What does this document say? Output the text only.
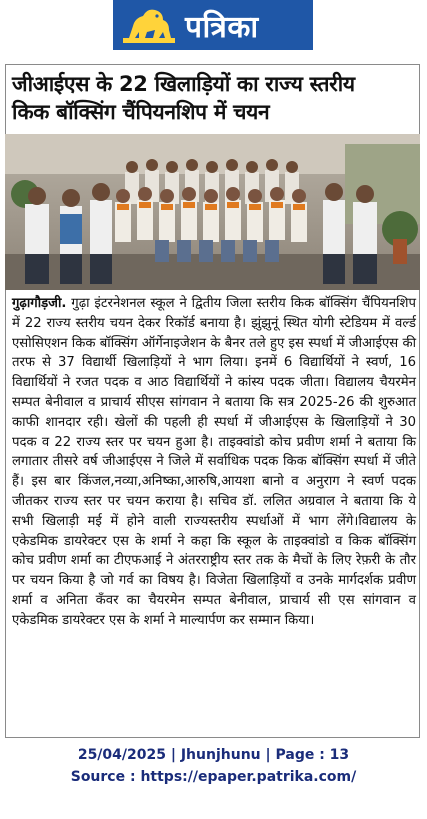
पत्रिका
जीआईएस के 22 खिलाड़ियों का राज्य स्तरीय
किक बॉक्सिंग चैंपियनशिप में चयन
गुढ़ागौड़जी. गुढ़ा इंटरनेशनल स्कूल ने द्वितीय जिला स्तरीय किक बॉक्सिंग चैंपियनशिप में 22 राज्य स्तरीय चयन देकर रिकॉर्ड बनाया है। झुंझुनूं स्थित योगी स्टेडियम में वर्ल्ड एसोसिएशन किक बॉक्सिंग ऑर्गेनाइजेशन के बैनर तले हुए इस स्पर्धा में जीआईएस की तरफ से 37 विद्यार्थी खिलाड़ियों ने भाग लिया। इनमें 6 विद्यार्थियों ने स्वर्ण, 16 विद्यार्थियों ने रजत पदक व आठ विद्यार्थियों ने कांस्य पदक जीता। विद्यालय चैयरमेन सम्पत बेनीवाल व प्राचार्य सीएस सांगवान ने बताया कि सत्र 2025-26 की शुरुआत काफी शानदार रही। खेलों की पहली ही स्पर्धा में जीआईएस के खिलाड़ियों ने 30 पदक व 22 राज्य स्तर पर चयन हुआ है। ताइक्वांडो कोच प्रवीण शर्मा ने बताया कि लगातार तीसरे वर्ष जीआईएस ने जिले में सर्वाधिक पदक किक बॉक्सिंग स्पर्धा में जीते हैं। इस बार किंजल,नव्या,अनिष्का,आरुषि,आयशा बानो व अनुराग ने स्वर्ण पदक जीतकर राज्य स्तर पर चयन कराया है। सचिव डॉ. ललित अग्रवाल ने बताया कि ये सभी खिलाड़ी मई में होने वाली राज्यस्तरीय स्पर्धाओं में भाग लेंगे।विद्यालय के एकेडमिक डायरेक्टर एस के शर्मा ने कहा कि स्कूल के ताइक्वांडो व किक बॉक्सिंग कोच प्रवीण शर्मा का टीएफआई ने अंतरराष्ट्रीय स्तर तक के मैचों के लिए रेफ़री के तौर पर चयन किया है जो गर्व का विषय है। विजेता खिलाड़ियों व उनके मार्गदर्शक प्रवीण शर्मा व अनिता कँवर का चैयरमेन सम्पत बेनीवाल, प्राचार्य सी एस सांगवान व एकेडमिक डायरेक्टर एस के शर्मा ने माल्यार्पण कर सम्मान किया।
25/04/2025 | Jhunjhunu | Page : 13
Source : https://epaper.patrika.com/
